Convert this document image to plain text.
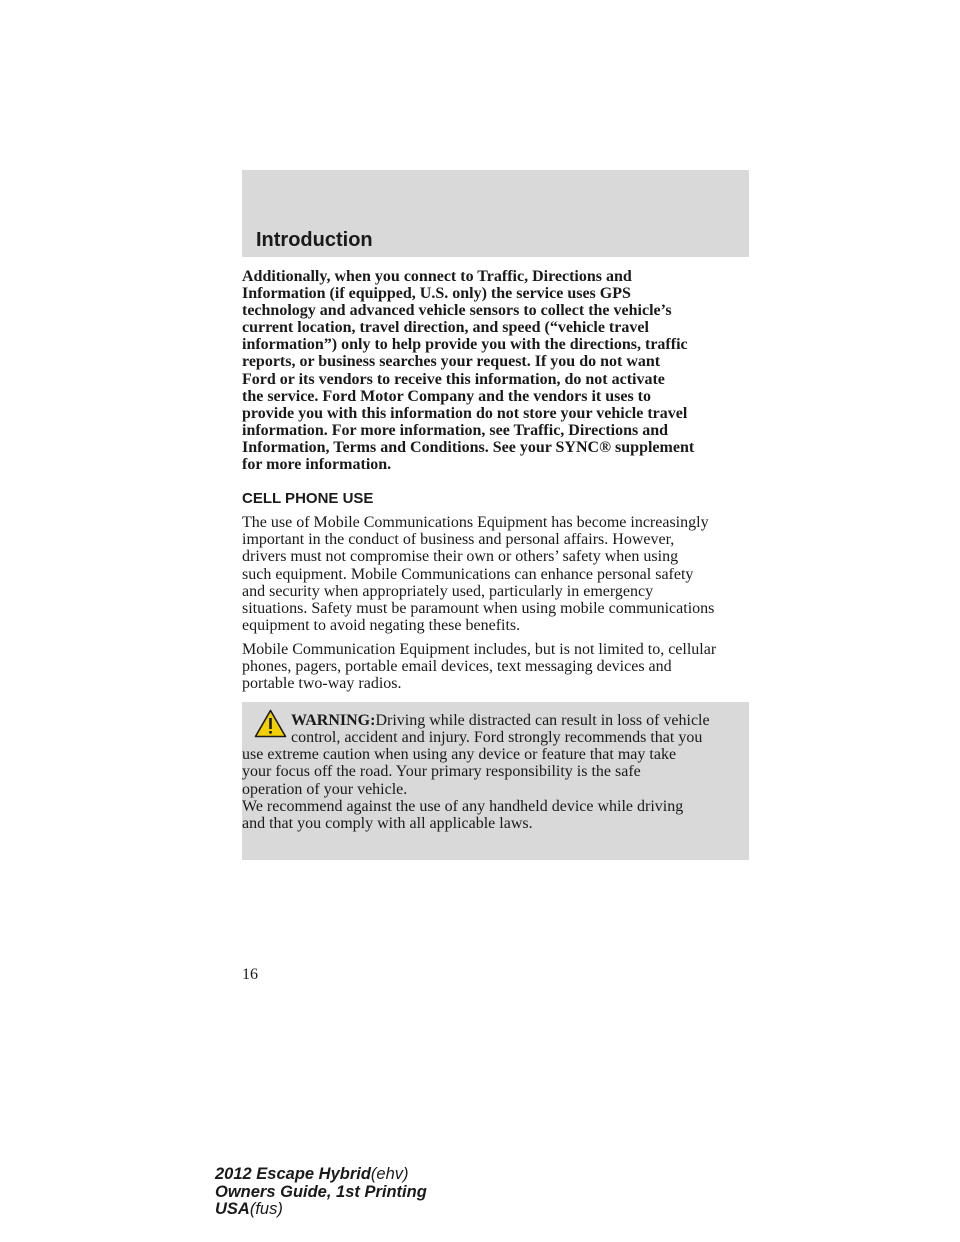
Introduction

Additionally, when you connect to Traffic, Directions and
Information (if equipped, U.S. only) the service uses GPS
technology and advanced vehicle sensors to collect the vehicle’s
current location, travel direction, and speed (“vehicle travel
information”) only to help provide you with the directions, traffic
reports, or business searches your request. If you do not want
Ford or its vendors to receive this information, do not activate
the service. Ford Motor Company and the vendors it uses to
provide you with this information do not store your vehicle travel
information. For more information, see Traffic, Directions and
Information, Terms and Conditions. See your SYNC® supplement
for more information.

CELL PHONE USE

The use of Mobile Communications Equipment has become increasingly
important in the conduct of business and personal affairs. However,
drivers must not compromise their own or others’ safety when using
such equipment. Mobile Communications can enhance personal safety
and security when appropriately used, particularly in emergency
situations. Safety must be paramount when using mobile communications
equipment to avoid negating these benefits.

Mobile Communication Equipment includes, but is not limited to, cellular
phones, pagers, portable email devices, text messaging devices and
portable two-way radios.

WARNING:Driving while distracted can result in loss of vehicle
control, accident and injury. Ford strongly recommends that you
use extreme caution when using any device or feature that may take
your focus off the road. Your primary responsibility is the safe
operation of your vehicle.
We recommend against the use of any handheld device while driving
and that you comply with all applicable laws.

16
2012 Escape Hybrid(ehv)
Owners Guide, 1st Printing
USA(fus)
